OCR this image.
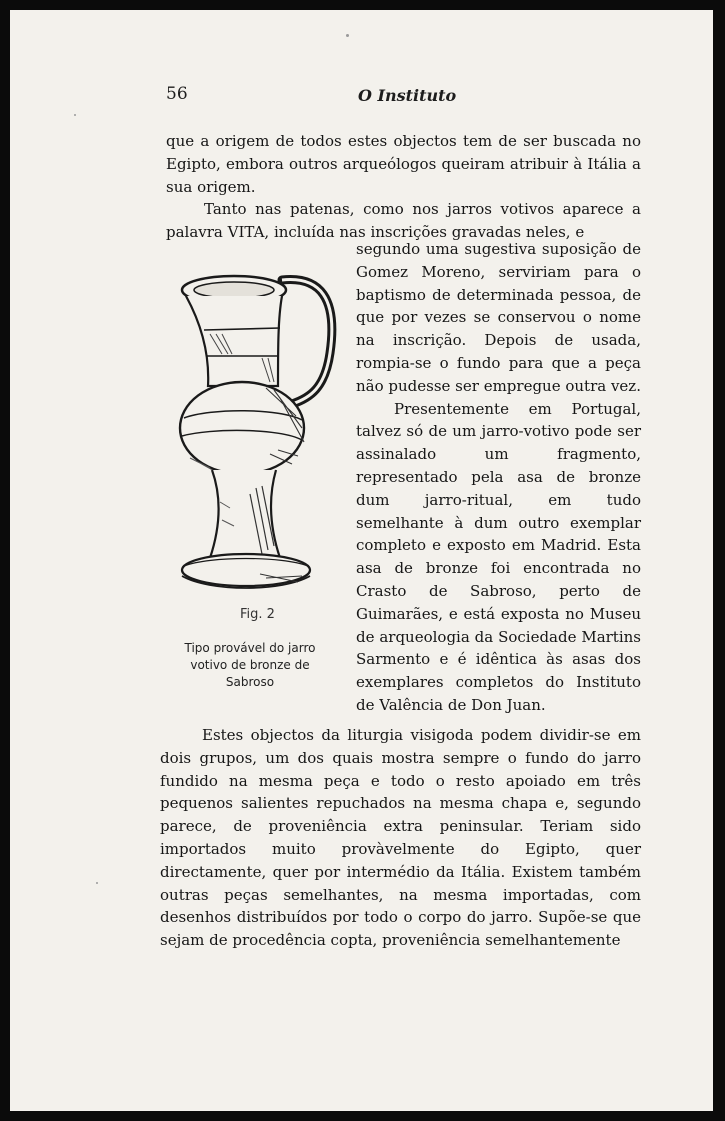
56	O Instituto

que a origem de todos estes objectos tem de ser buscada no Egipto, embora outros arqueólogos queiram atribuir à Itália a sua origem.

Tanto nas patenas, como nos jarros votivos aparece a palavra VITA, incluída nas inscrições gravadas neles, e

Fig. 2
Tipo provável do jarro votivo de bronze de Sabroso

segundo uma sugestiva suposição de Gomez Moreno, serviriam para o baptismo de determinada pessoa, de que por vezes se conservou o nome na inscrição. Depois de usada, rompia-se o fundo para que a peça não pudesse ser empregue outra vez.

Presentemente em Portugal, talvez só de um jarro-votivo pode ser assinalado um fragmento, representado pela asa de bronze dum jarro-ritual, em tudo semelhante à dum outro exemplar completo e exposto em Madrid. Esta asa de bronze foi encontrada no Crasto de Sabroso, perto de Guimarães, e está exposta no Museu de arqueologia da Sociedade Martins Sarmento e é idêntica às asas dos exemplares completos do Instituto de Valência de Don Juan.

Estes objectos da liturgia visigoda podem dividir-se em dois grupos, um dos quais mostra sempre o fundo do jarro fundido na mesma peça e todo o resto apoiado em três pequenos salientes repuchados na mesma chapa e, segundo parece, de proveniência extra peninsular. Teriam sido importados muito provàvelmente do Egipto, quer directamente, quer por intermédio da Itália. Existem também outras peças semelhantes, na mesma importadas, com desenhos distribuídos por todo o corpo do jarro. Supõe-se que sejam de procedência copta, proveniência semelhantemente
